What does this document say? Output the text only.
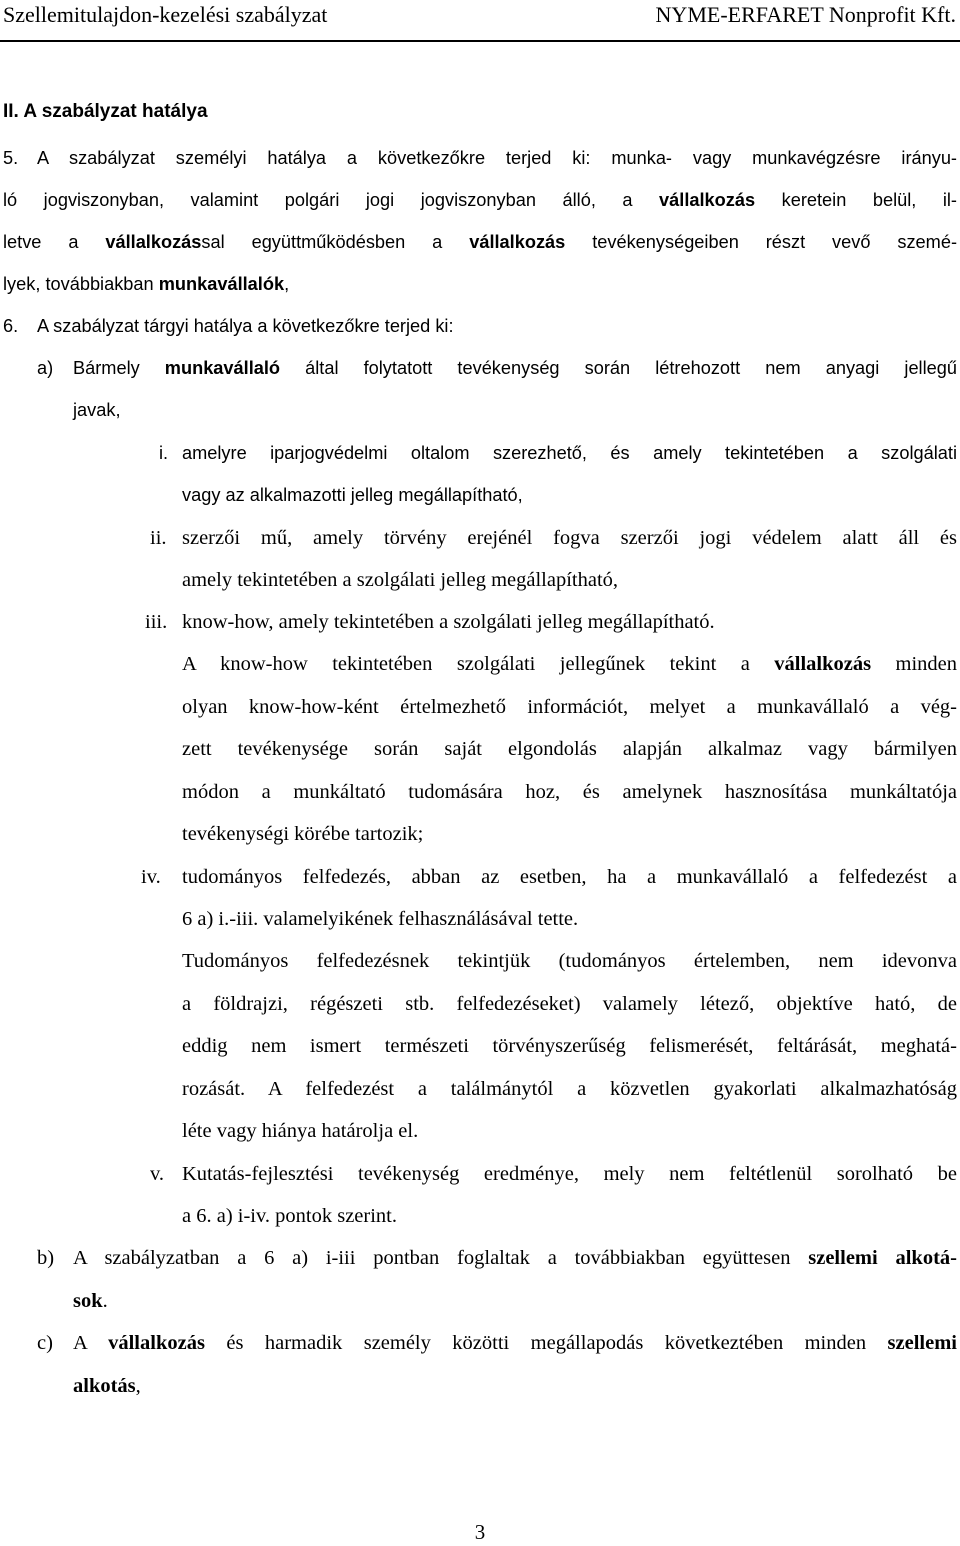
Szellemitulajdon-kezelési szabályzat	NYME-ERFARET Nonprofit Kft.
II. A szabályzat hatálya
5. A szabályzat személyi hatálya a következőkre terjed ki: munka- vagy munkavégzésre irányu-
ló jogviszonyban, valamint polgári jogi jogviszonyban álló, a vállalkozás keretein belül, il-
letve a vállalkozással együttműködésben a vállalkozás tevékenységeiben részt vevő szemé-
lyek, továbbiakban munkavállalók,
6. A szabályzat tárgyi hatálya a következőkre terjed ki:
a) Bármely munkavállaló által folytatott tevékenység során létrehozott nem anyagi jellegű
javak,
i. amelyre iparjogvédelmi oltalom szerezhető, és amely tekintetében a szolgálati
vagy az alkalmazotti jelleg megállapítható,
ii. szerzői mű, amely törvény erejénél fogva szerzői jogi védelem alatt áll és
amely tekintetében a szolgálati jelleg megállapítható,
iii. know-how, amely tekintetében a szolgálati jelleg megállapítható.
A know-how tekintetében szolgálati jellegűnek tekint a vállalkozás minden
olyan know-how-ként értelmezhető információt, melyet a munkavállaló a vég-
zett tevékenysége során saját elgondolás alapján alkalmaz vagy bármilyen
módon a munkáltató tudomására hoz, és amelynek hasznosítása munkáltatója
tevékenységi körébe tartozik;
iv. tudományos felfedezés, abban az esetben, ha a munkavállaló a felfedezést a
6 a) i.-iii. valamelyikének felhasználásával tette.
Tudományos felfedezésnek tekintjük (tudományos értelemben, nem idevonva
a földrajzi, régészeti stb. felfedezéseket) valamely létező, objektíve ható, de
eddig nem ismert természeti törvényszerűség felismerését, feltárását, meghatá-
rozását. A felfedezést a találmánytól a közvetlen gyakorlati alkalmazhatóság
léte vagy hiánya határolja el.
v. Kutatás-fejlesztési tevékenység eredménye, mely nem feltétlenül sorolható be
a 6. a) i-iv. pontok szerint.
b) A szabályzatban a 6 a) i-iii pontban foglaltak a továbbiakban együttesen szellemi alkotá-
sok.
c) A vállalkozás és harmadik személy közötti megállapodás következtében minden szellemi
alkotás,
3
